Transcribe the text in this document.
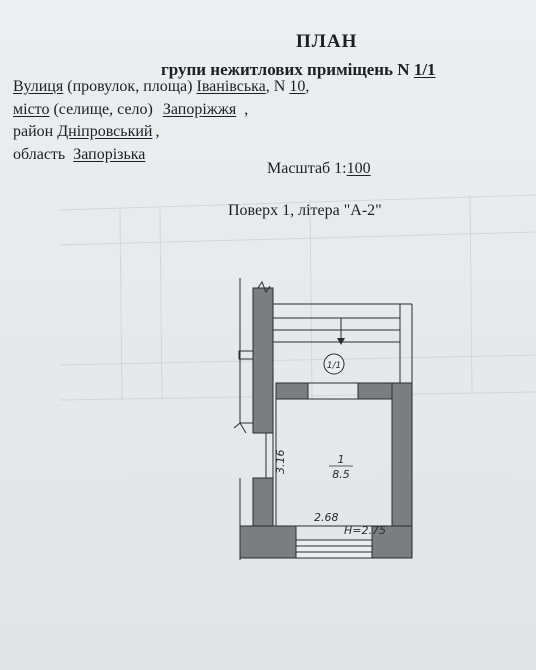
ПЛАН
групи нежитлових приміщень N 1/1
Вулиця (провулок, площа) Іванівська, N 10,
місто (селище, село) Запоріжжя ,
район Дніпровський ,
область Запорізька
Масштаб 1:100
Поверх 1, літера "А-2"
1/1
1
8.5
3.16
2.68
H=2.75
